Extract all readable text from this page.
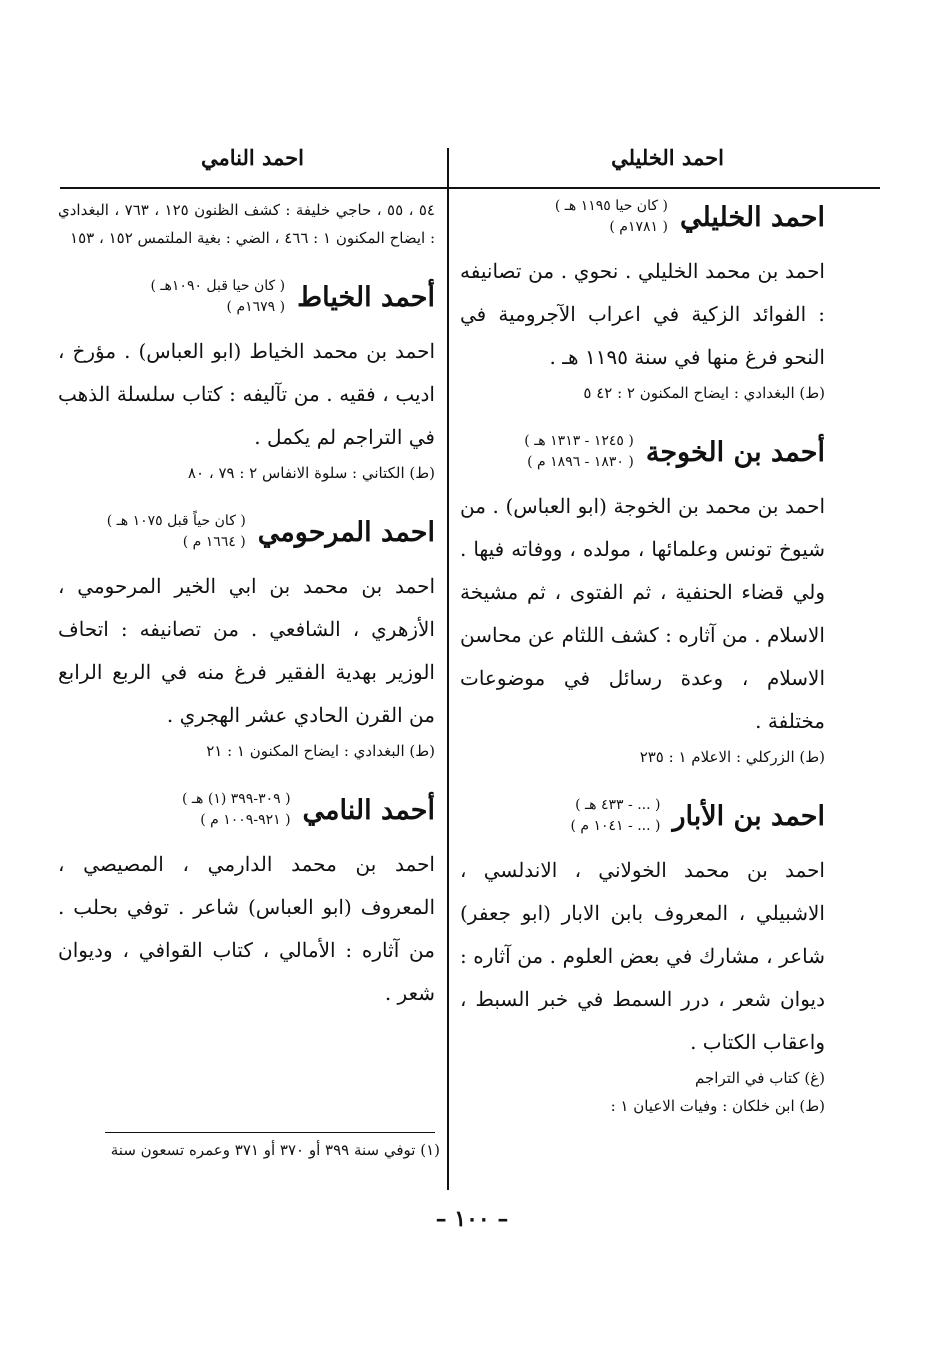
احمد الخليلي
احمد النامي
احمد الخليلي
( كان حيا ١١٩٥ هـ )
( ١٧٨١م )

احمد بن محمد الخليلي . نحوي . من تصانيفه : الفوائد الزكية في اعراب الآجرومية في النحو فرغ منها في سنة ١١٩٥ هـ .

(ط) البغدادي : ايضاح المكنون ٢ : ٤٢ ٥

أحمد بن الخوجة
( ١٢٤٥ - ١٣١٣ هـ )
( ١٨٣٠ - ١٨٩٦ م )

احمد بن محمد بن الخوجة (ابو العباس) . من شيوخ تونس وعلمائها ، مولده ، ووفاته فيها . ولي قضاء الحنفية ، ثم الفتوى ، ثم مشيخة الاسلام . من آثاره : كشف اللثام عن محاسن الاسلام ، وعدة رسائل في موضوعات مختلفة .

(ط) الزركلي : الاعلام ١ : ٢٣٥

احمد بن الأبار
( ... - ٤٣٣ هـ )
( ... - ١٠٤١ م )

احمد بن محمد الخولاني ، الاندلسي ، الاشبيلي ، المعروف بابن الابار (ابو جعفر) شاعر ، مشارك في بعض العلوم . من آثاره : ديوان شعر ، درر السمط في خبر السبط ، واعقاب الكتاب .

(غ) كتاب في التراجم

(ط) ابن خلكان : وفيات الاعيان ١ :

٥٤ ، ٥٥ ، حاجي خليفة : كشف الظنون ١٢٥ ، ٧٦٣ ، البغدادي : ايضاح المكنون ١ : ٤٦٦ ، الضي : بغية الملتمس ١٥٢ ، ١٥٣

أحمد الخياط
( كان حيا قبل ١٠٩٠هـ )
( ١٦٧٩م )

احمد بن محمد الخياط (ابو العباس) . مؤرخ ، اديب ، فقيه . من تآليفه : كتاب سلسلة الذهب في التراجم لم يكمل .

(ط) الكتاني : سلوة الانفاس ٢ : ٧٩ ، ٨٠

احمد المرحومي
( كان حياً قبل ١٠٧٥ هـ )
( ١٦٦٤ م )

احمد بن محمد بن ابي الخير المرحومي ، الأزهري ، الشافعي . من تصانيفه : اتحاف الوزير بهدية الفقير فرغ منه في الربع الرابع من القرن الحادي عشر الهجري .

(ط) البغدادي : ايضاح المكنون ١ : ٢١

أحمد النامي
( ٣٠٩-٣٩٩ (١) هـ )
( ٩٢١-١٠٠٩ م )

احمد بن محمد الدارمي ، المصيصي ، المعروف (ابو العباس) شاعر . توفي بحلب . من آثاره : الأمالي ، كتاب القوافي ، وديوان شعر .

(١) توفي سنة ٣٩٩ أو ٣٧٠ أو ٣٧١ وعمره تسعون سنة
– ١٠٠ –
